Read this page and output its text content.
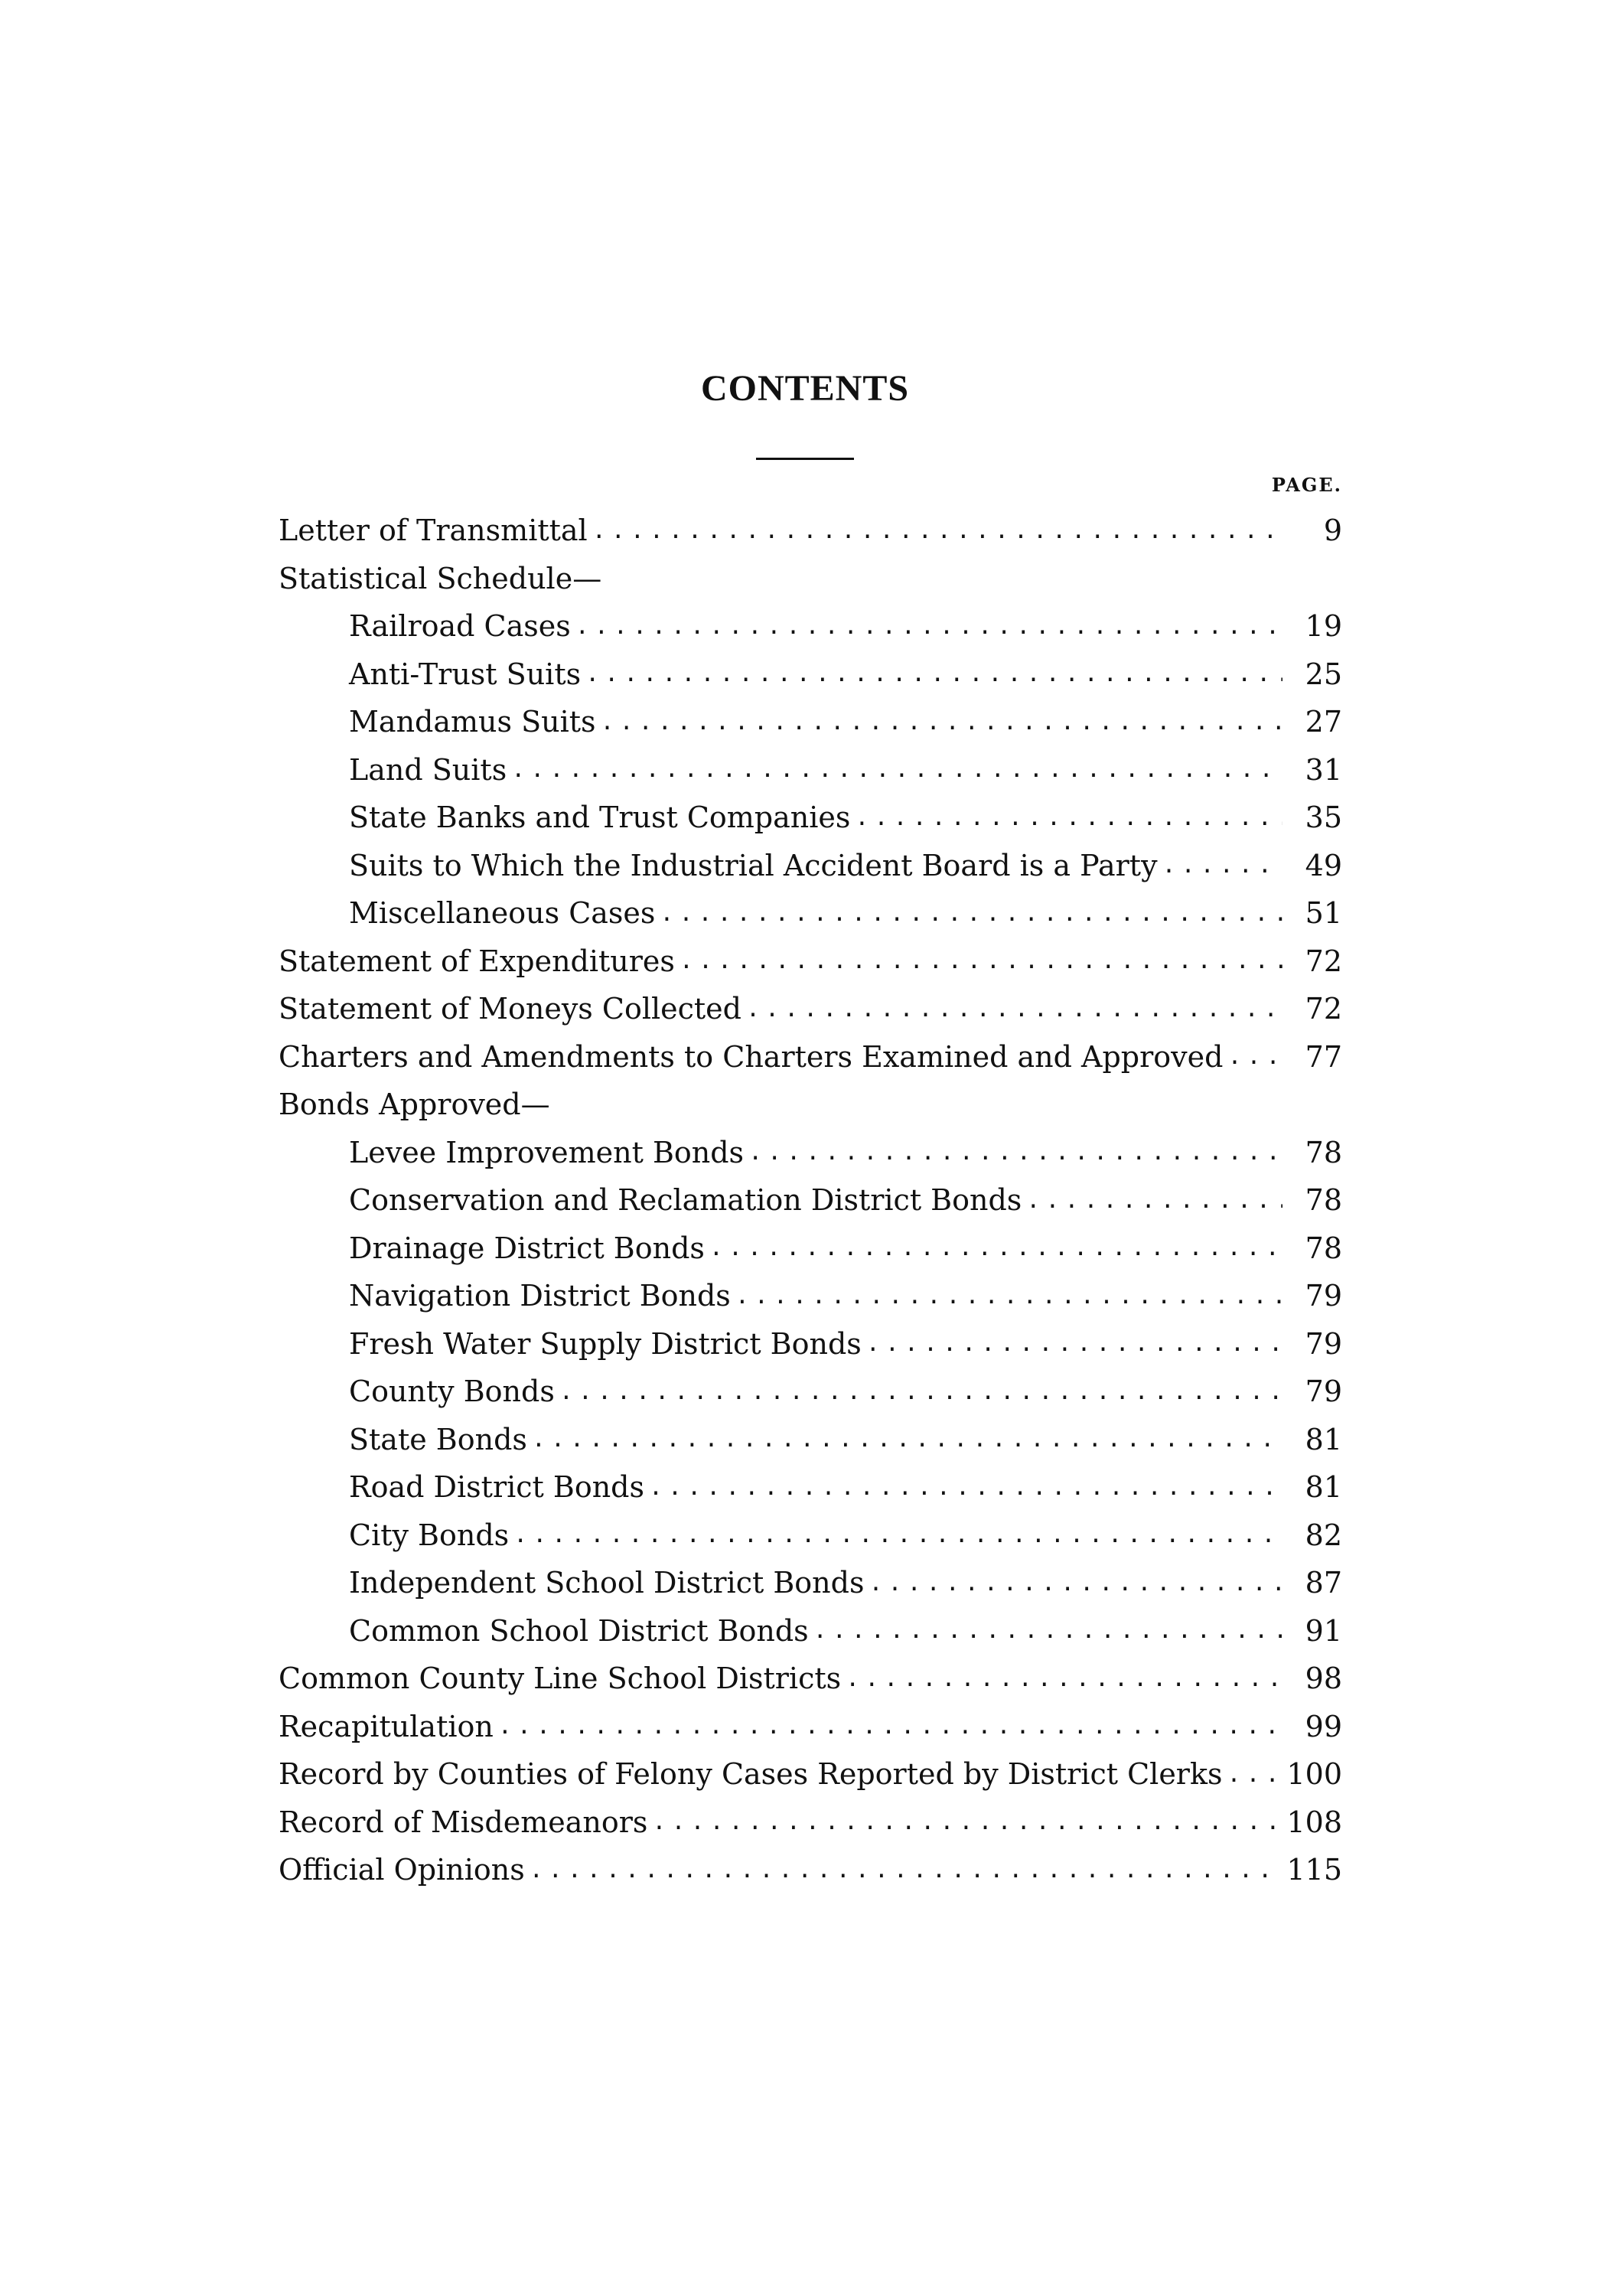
CONTENTS
PAGE.
Letter of Transmittal .....	9
Statistical Schedule—
Railroad Cases .....	19
Anti-Trust Suits .....	25
Mandamus Suits .....	27
Land Suits .....	31
State Banks and Trust Companies .....	35
Suits to Which the Industrial Accident Board is a Party .....	49
Miscellaneous Cases .....	51
Statement of Expenditures .....	72
Statement of Moneys Collected .....	72
Charters and Amendments to Charters Examined and Approved .....	77
Bonds Approved—
Levee Improvement Bonds .....	78
Conservation and Reclamation District Bonds .....	78
Drainage District Bonds .....	78
Navigation District Bonds .....	79
Fresh Water Supply District Bonds .....	79
County Bonds .....	79
State Bonds .....	81
Road District Bonds .....	81
City Bonds .....	82
Independent School District Bonds .....	87
Common School District Bonds .....	91
Common County Line School Districts .....	98
Recapitulation .....	99
Record by Counties of Felony Cases Reported by District Clerks ..... 100
Record of Misdemeanors .....	108
Official Opinions .....	115
